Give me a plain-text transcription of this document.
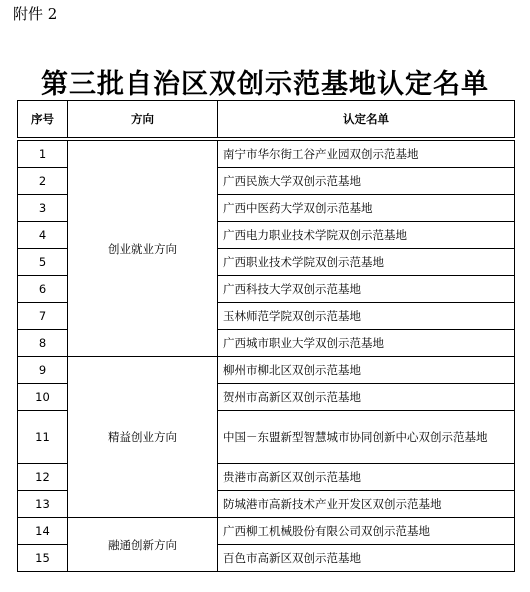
附件 2
第三批自治区双创示范基地认定名单
序号	方向	认定名单

1	创业就业方向	南宁市华尔街工谷产业园双创示范基地
2		广西民族大学双创示范基地
3		广西中医药大学双创示范基地
4		广西电力职业技术学院双创示范基地
5		广西职业技术学院双创示范基地
6		广西科技大学双创示范基地
7		玉林师范学院双创示范基地
8		广西城市职业大学双创示范基地
9	精益创业方向	柳州市柳北区双创示范基地
10		贺州市高新区双创示范基地
11		中国－东盟新型智慧城市协同创新中心双创示范基地
12		贵港市高新区双创示范基地
13		防城港市高新技术产业开发区双创示范基地
14	融通创新方向	广西柳工机械股份有限公司双创示范基地
15		百色市高新区双创示范基地
